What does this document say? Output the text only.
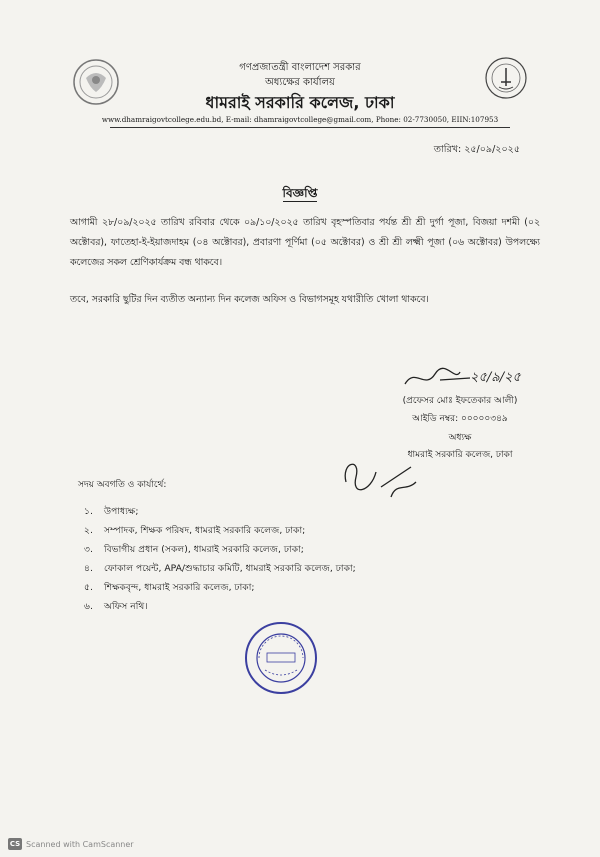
গণপ্রজাতন্ত্রী বাংলাদেশ সরকার
অধ্যক্ষের কার্যালয়
ধামরাই সরকারি কলেজ, ঢাকা
www.dhamraigovtcollege.edu.bd, E-mail: dhamraigovtcollege@gmail.com, Phone: 02-7730050, EIIN:107953
তারিখ: ২৫/০৯/২০২৫
বিজ্ঞপ্তি
আগামী ২৮/০৯/২০২৫ তারিখ রবিবার থেকে ০৯/১০/২০২৫ তারিখ বৃহস্পতিবার পর্যন্ত শ্রী শ্রী দুর্গা পূজা, বিজয়া দশমী (০২ অক্টোবর), ফাতেহা-ই-ইয়াজদাহম (০৪ অক্টোবর), প্রবারণা পূর্ণিমা (০৫ অক্টোবর) ও শ্রী শ্রী লক্ষ্মী পূজা (০৬ অক্টোবর) উপলক্ষ্যে কলেজের সকল শ্রেণিকার্যক্রম বন্ধ থাকবে।
তবে, সরকারি ছুটির দিন ব্যতীত অন্যান্য দিন কলেজ অফিস ও বিভাগসমূহ যথারীতি খোলা থাকবে।
২৫/৯/২৫
(প্রফেসর মোঃ ইফতেকার আলী)
আইডি নম্বর: ০০০০০৩৪৯
অধ্যক্ষ
ধামরাই সরকারি কলেজ, ঢাকা
সদয় অবগতি ও কার্যার্থে:
১. উপাধ্যক্ষ;
২. সম্পাদক, শিক্ষক পরিষদ, ধামরাই সরকারি কলেজ, ঢাকা;
৩. বিভাগীয় প্রধান (সকল), ধামরাই সরকারি কলেজ, ঢাকা;
৪. ফোকাল পয়েন্ট, APA/শুদ্ধাচার কমিটি, ধামরাই সরকারি কলেজ, ঢাকা;
৫. শিক্ষকবৃন্দ, ধামরাই সরকারি কলেজ, ঢাকা;
৬. অফিস নথি।
CS Scanned with CamScanner
